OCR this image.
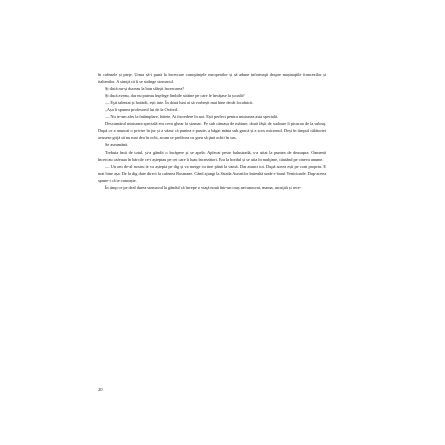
în cafenele și pieţe. Urma să-i pună la încercare cunoştinţele europenilor și să adune informaţii despre mașinaţiile francezilor și italienilor. A simţit că îi se strânge stomacul.

Și dacă nu-și duceau la bun sfârșit încercarea?

Și dacă aveau, dar nu puteau înţelege limbile străine pe care le învăţase la școală?

— Eşti talentat și hotărât, ești iute. În două luni ai să vorbești mai bine decât localnicii.

„Așa îi spunea profesorul lui de la Oxford.

— Nu te-am ales la întâmplare, băiete. Ai încredere în noi. Ești perfect pentru misiunea asta specială.

Descumărul misiunea specială era ceva ghear la stomac. Pe sub cămașa de mătase, două fâșii de sudoare îi picurau de la subraţ. După ce a aruncat o privire în jur și a văzut că puntea e pustie, a băgat mâna sub geacă și a scos micronul. Deși în timpul călătoriei avusese grijă să nu mai dea în ochi, acum se prefăcea cu greu să ţină ochii în sus.

Se aseamănă.

Trebuia însă de totul, și-a gândit o încăpere și se apela. Aplecat peste balustradă, s-a uitat la puntea de deasupra. Oamenii încercau cafeaua în bărcile ce-i așteptau pe cei care îi luau încrezători. Era la bordul și se uita în mulţime, căutând pe cineva anume.

— Un om de-al nostru te va aștepta pe dig și va merge cu tine până la vamă. Dar atunci tot. După aceea ești pe cont propriu. E mai bine așa. De la dig dute direct la cafenea Bosmane. Când ajungi la Strada Aurarilor întreabă unde e barul Yenicioade. Dup-aceea spune-i că te cunoaște.

În timp ce pe deal durea stomacul la gândul că începe o viaţă nouă într-un oraș necunoscut, mama, ascuţită și rece-

20
